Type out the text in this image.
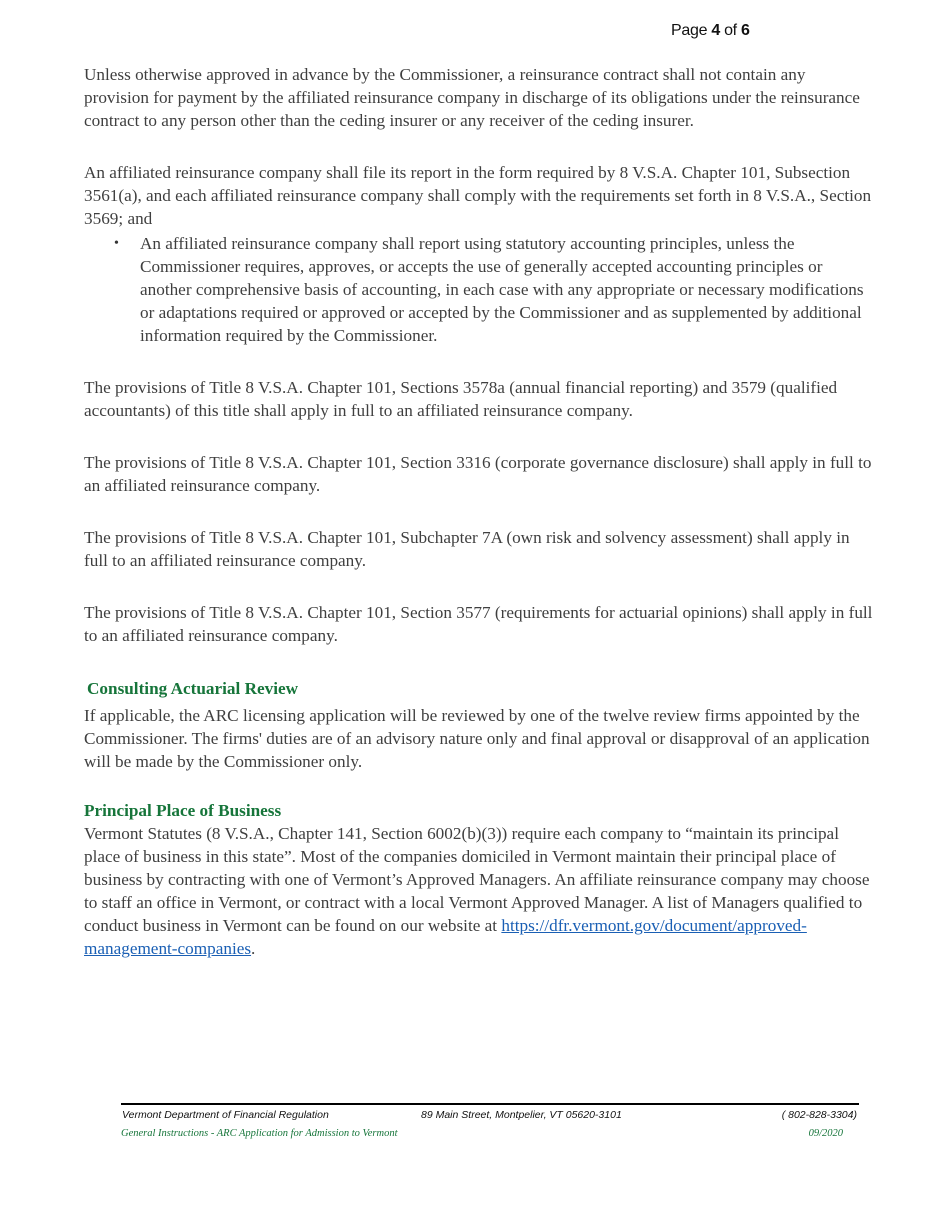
Page 4 of 6

Unless otherwise approved in advance by the Commissioner, a reinsurance contract shall not contain any provision for payment by the affiliated reinsurance company in discharge of its obligations under the reinsurance contract to any person other than the ceding insurer or any receiver of the ceding insurer.

An affiliated reinsurance company shall file its report in the form required by 8 V.S.A. Chapter 101, Subsection 3561(a), and each affiliated reinsurance company shall comply with the requirements set forth in 8 V.S.A., Section 3569; and

• An affiliated reinsurance company shall report using statutory accounting principles, unless the Commissioner requires, approves, or accepts the use of generally accepted accounting principles or another comprehensive basis of accounting, in each case with any appropriate or necessary modifications or adaptations required or approved or accepted by the Commissioner and as supplemented by additional information required by the Commissioner.

The provisions of Title 8 V.S.A. Chapter 101, Sections 3578a (annual financial reporting) and 3579 (qualified accountants) of this title shall apply in full to an affiliated reinsurance company.

The provisions of Title 8 V.S.A. Chapter 101, Section 3316 (corporate governance disclosure) shall apply in full to an affiliated reinsurance company.

The provisions of Title 8 V.S.A. Chapter 101, Subchapter 7A (own risk and solvency assessment) shall apply in full to an affiliated reinsurance company.

The provisions of Title 8 V.S.A. Chapter 101, Section 3577 (requirements for actuarial opinions) shall apply in full to an affiliated reinsurance company.

Consulting Actuarial Review

If applicable, the ARC licensing application will be reviewed by one of the twelve review firms appointed by the Commissioner. The firms' duties are of an advisory nature only and final approval or disapproval of an application will be made by the Commissioner only.

Principal Place of Business

Vermont Statutes (8 V.S.A., Chapter 141, Section 6002(b)(3)) require each company to “maintain its principal place of business in this state”. Most of the companies domiciled in Vermont maintain their principal place of business by contracting with one of Vermont’s Approved Managers. An affiliate reinsurance company may choose to staff an office in Vermont, or contract with a local Vermont Approved Manager. A list of Managers qualified to conduct business in Vermont can be found on our website at https://dfr.vermont.gov/document/approved-management-companies.

Vermont Department of Financial Regulation	89 Main Street, Montpelier, VT 05620-3101	( 802-828-3304)
General Instructions - ARC Application for Admission to Vermont	09/2020
